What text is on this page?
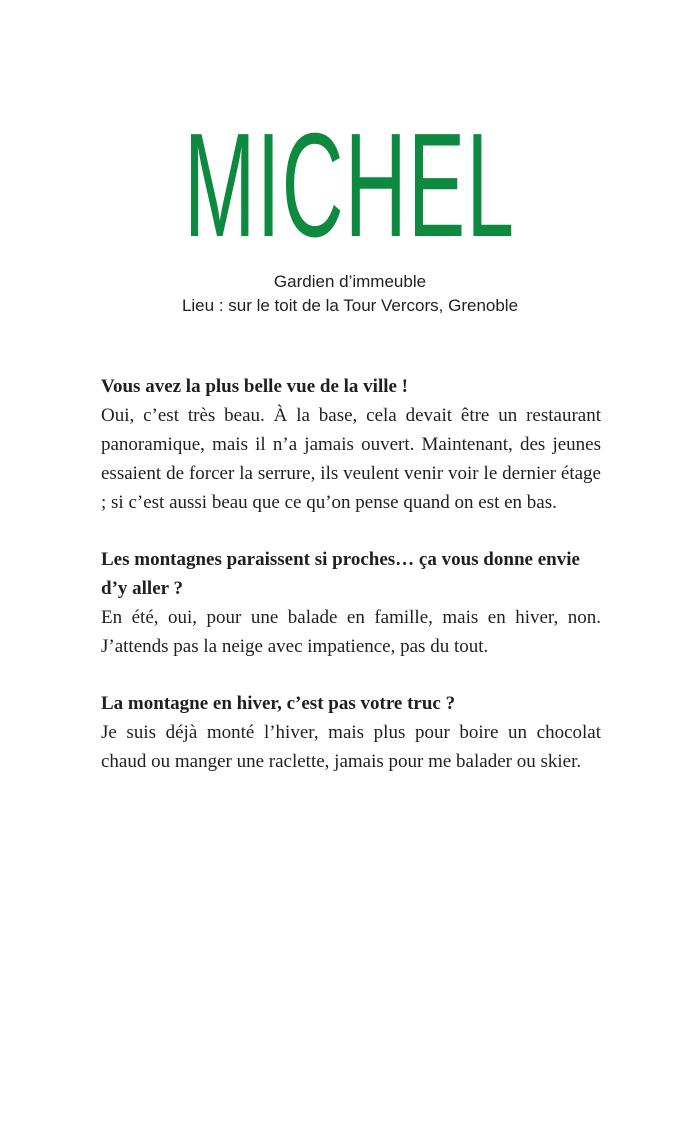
MICHEL
Gardien d’immeuble
Lieu : sur le toit de la Tour Vercors, Grenoble

Vous avez la plus belle vue de la ville !

Oui, c’est très beau. À la base, cela devait être un restaurant panoramique, mais il n’a jamais ouvert. Maintenant, des jeunes essaient de forcer la serrure, ils veulent venir voir le dernier étage ; si c’est aussi beau que ce qu’on pense quand on est en bas.

Les montagnes paraissent si proches… ça vous donne envie d’y aller ?

En été, oui, pour une balade en famille, mais en hiver, non. J’attends pas la neige avec impatience, pas du tout.

La montagne en hiver, c’est pas votre truc ?

Je suis déjà monté l’hiver, mais plus pour boire un chocolat chaud ou manger une raclette, jamais pour me balader ou skier.
